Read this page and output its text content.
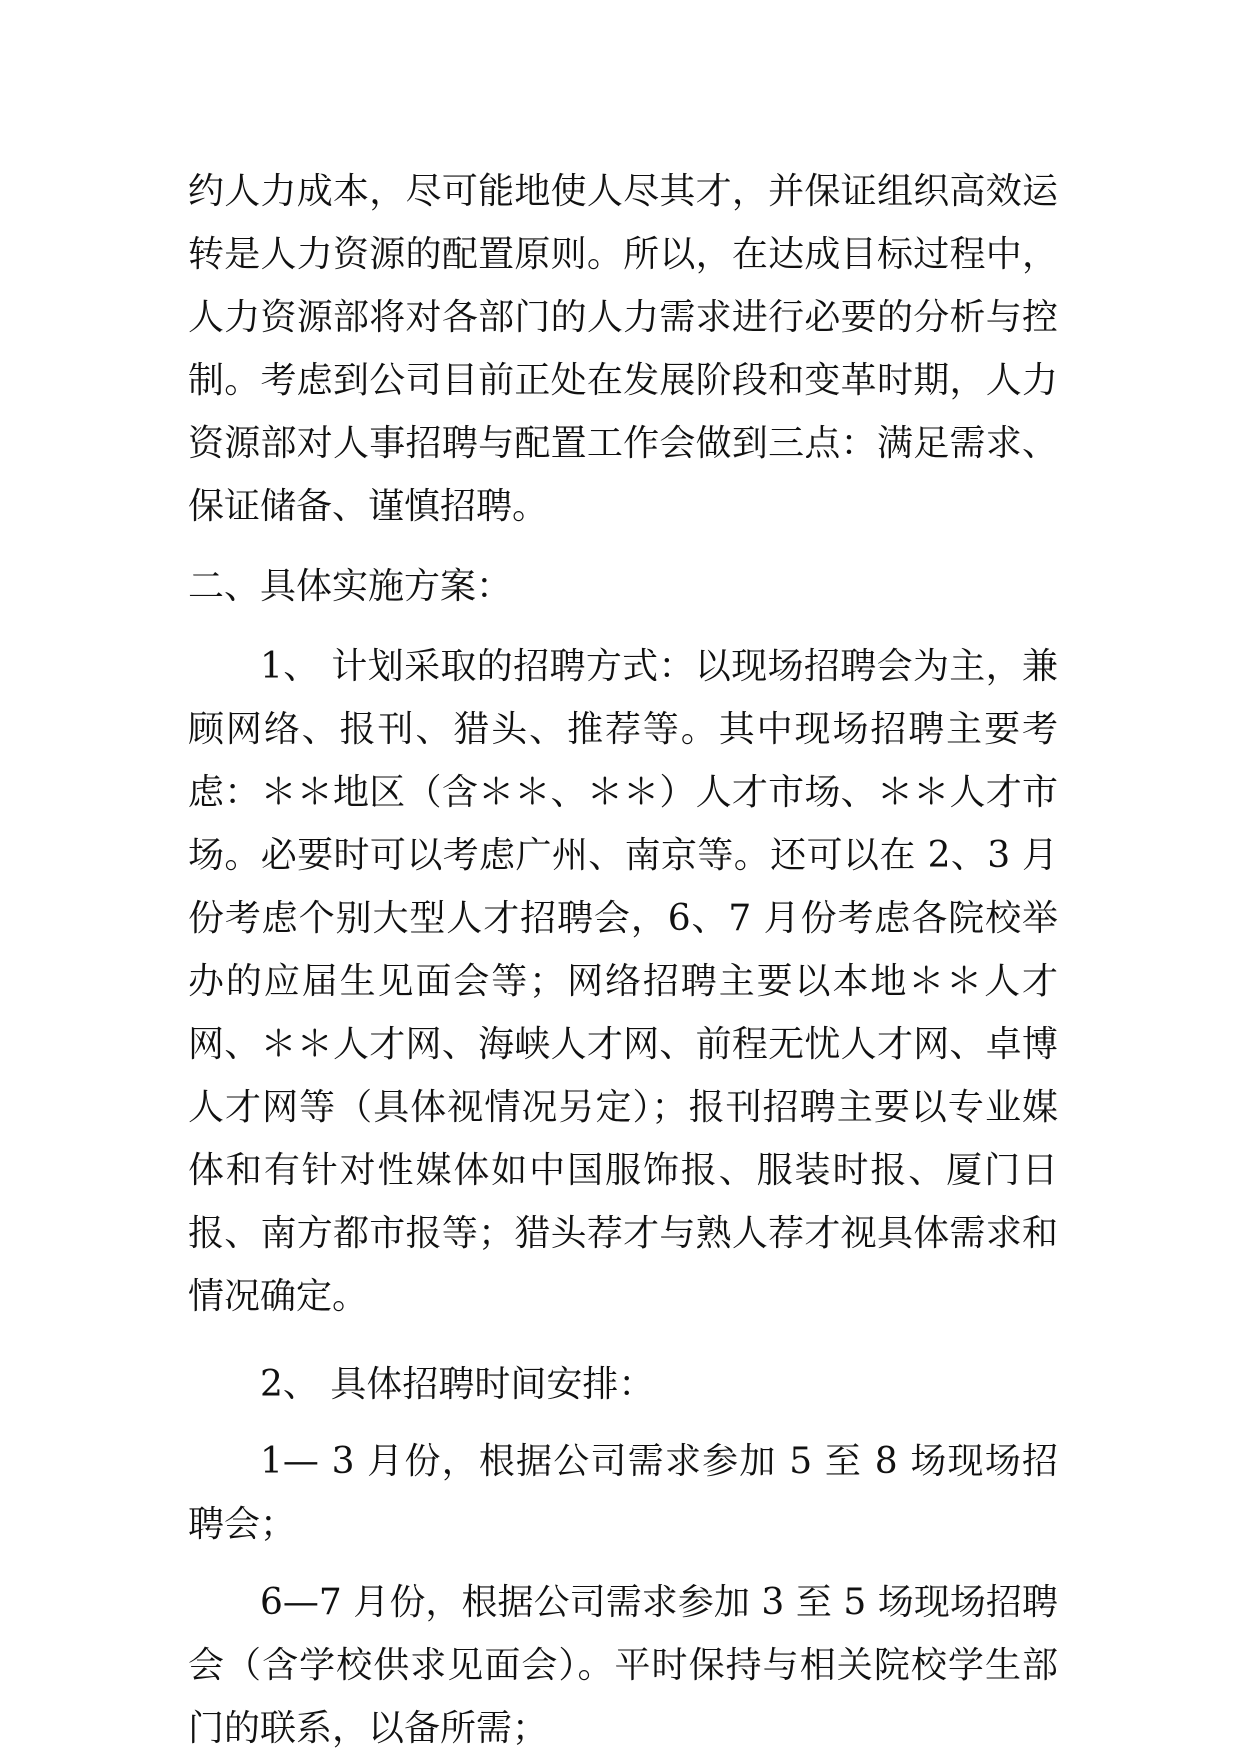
约人力成本，尽可能地使人尽其才，并保证组织高效运转是人力资源的配置原则。所以，在达成目标过程中，人力资源部将对各部门的人力需求进行必要的分析与控制。考虑到公司目前正处在发展阶段和变革时期，人力资源部对人事招聘与配置工作会做到三点：满足需求、保证储备、谨慎招聘。

二、具体实施方案：

1、 计划采取的招聘方式：以现场招聘会为主，兼顾网络、报刊、猎头、推荐等。其中现场招聘主要考虑：＊＊地区（含＊＊、＊＊）人才市场、＊＊人才市场。必要时可以考虑广州、南京等。还可以在 2、3 月份考虑个别大型人才招聘会，6、7 月份考虑各院校举办的应届生见面会等；网络招聘主要以本地＊＊人才网、＊＊人才网、海峡人才网、前程无忧人才网、卓博人才网等（具体视情况另定）；报刊招聘主要以专业媒体和有针对性媒体如中国服饰报、服装时报、厦门日报、南方都市报等；猎头荐才与熟人荐才视具体需求和情况确定。

2、 具体招聘时间安排：

1— 3 月份，根据公司需求参加 5 至 8 场现场招聘会；

6—7 月份，根据公司需求参加 3 至 5 场现场招聘会（含学校供求见面会）。平时保持与相关院校学生部门的联系，以备所需；
